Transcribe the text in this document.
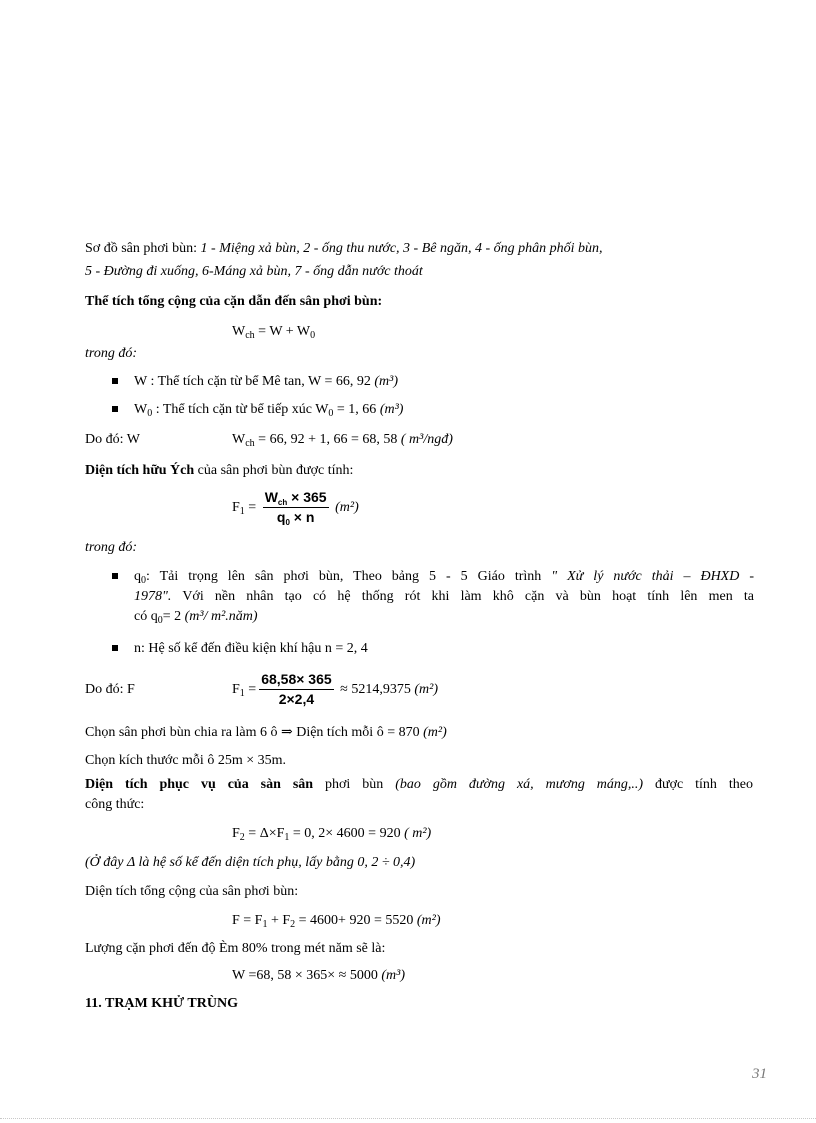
Sơ đồ sân phơi bùn: 1 - Miệng xả bùn, 2 - ống thu nước, 3 - Bê ngăn, 4 - ống phân phối bùn,
5 - Đường đi xuống, 6-Máng xả bùn, 7 - ống dẫn nước thoát
Thể tích tổng cộng của cặn dẫn đến sân phơi bùn:
$W_{ch} = W + W_0$
trong đó:
W : Thể tích cặn từ bể Mê tan, W = 66, 92 (m³)
$W_0$ : Thể tích cặn từ bể tiếp xúc $W_0 = 1$, 66 (m³)
Do đó: W	$W_{ch} = 66$, 92 + 1, 66 = 68, 58 ( m³/ngđ)
Diện tích hữu Ých của sân phơi bùn được tính:
$F_1 = \frac{W_{ch} \times 365}{q_0 \times n} (m^2)$
trong đó:
$q_0$: Tải trọng lên sân phơi bùn, Theo bảng 5 - 5 Giáo trình " Xử lý nước thải – ĐHXD -
1978". Với nền nhân tạo có hệ thống rót khi làm khô cặn và bùn hoạt tính lên men ta
có $q_0= 2$ (m³/ m².năm)
n: Hệ số kể đến điều kiện khí hậu n = 2, 4
Do đó: F	$F_1 = \frac{68,58\times 365}{2\times 2,4} \approx 5214,9375$ (m²)
Chọn sân phơi bùn chia ra làm 6 ô ⇒ Diện tích mỗi ô = 870 (m²)
Chọn kích thước mỗi ô 25m × 35m.
Diện tích phục vụ của sàn sân phơi bùn (bao gồm đường xá, mương máng,..) được tính theo
công thức:
$F_2 = \Delta\times F_1 = 0$, 2× 4600 = 920 ( m²)
(Ở đây Δ là hệ số kể đến diện tích phụ, lấy bằng 0, 2 ÷ 0,4)
Diện tích tổng cộng của sân phơi bùn:
$F = F_1 + F_2 = 4600+ 920 = 5520$ (m²)
Lượng cặn phơi đến độ Èm 80% trong mét năm sẽ là:
W =68, 58 × 365× ≈ 5000 (m³)
11. TRẠM KHỬ TRÙNG
31
